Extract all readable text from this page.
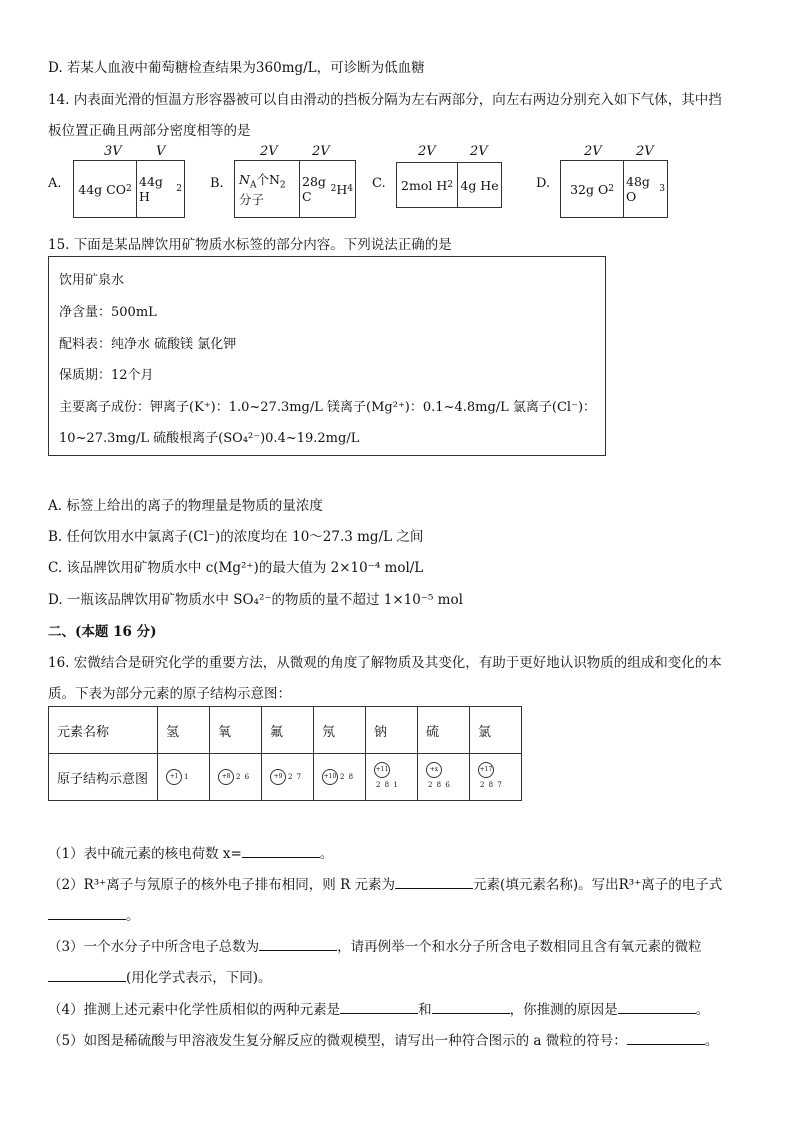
D. 若某人血液中葡萄糖检查结果为360mg/L，可诊断为低血糖
14. 内表面光滑的恒温方形容器被可以自由滑动的挡板分隔为左右两部分，向左右两边分别充入如下气体，其中挡
板位置正确且两部分密度相等的是
A.
3V	V
44g CO 2 44g H	2 B.
2V	2V
$N_A$个$N_2$
分子
28g C	2 H 4 C.
2V	2V
2mol H 2 4g He	D.
2V	2V
32g O 2 48g O	3
15. 下面是某品牌饮用矿物质水标签的部分内容。下列说法正确的是
饮用矿泉水
净含量：500mL
配料表：纯净水 硫酸镁 氯化钾
保质期：12个月
主要离子成份：钾离子(K⁺)：1.0~27.3mg/L 镁离子(Mg²⁺)：0.1~4.8mg/L 氯离子(Cl⁻)：
10~27.3mg/L 硫酸根离子(SO₄²⁻)0.4~19.2mg/L
A. 标签上给出的离子的物理量是物质的量浓度
B. 任何饮用水中氯离子(Cl⁻)的浓度均在 10～27.3 mg/L 之间
C. 该品牌饮用矿物质水中 c(Mg²⁺)的最大值为 2×10⁻⁴ mol/L
D. 一瓶该品牌饮用矿物质水中 SO₄²⁻的物质的量不超过 1×10⁻⁵ mol
二、(本题 16 分)
16. 宏微结合是研究化学的重要方法，从微观的角度了解物质及其变化，有助于更好地认识物质的组成和变化的本
质。下表为部分元素的原子结构示意图：
元素名称	氢	氧	氟	氖	钠	硫	氯
原子结构示意图	+1 1	+8 2 6	+9 2 7	+10 2 8	+112 8 1	+x2 8 6	+172 8 7
（1）表中硫元素的核电荷数 x=	。
（2）R³⁺离子与氖原子的核外电子排布相同，则 R 元素为	元素(填元素名称)。写出R³⁺离子的电子式
。
（3）一个水分子中所含电子总数为	，请再例举一个和水分子所含电子数相同且含有氧元素的微粒
(用化学式表示，下同)。
（4）推测上述元素中化学性质相似的两种元素是	和	，你推测的原因是	。
（5）如图是稀硫酸与甲溶液发生复分解反应的微观模型，请写出一种符合图示的 a 微粒的符号：	。
